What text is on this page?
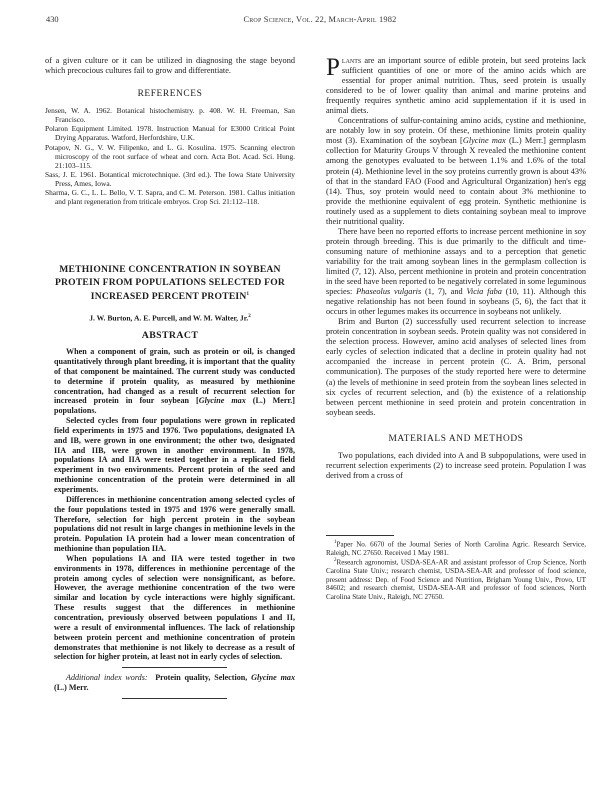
430	Crop Science, Vol. 22, March-April 1982

of a given culture or it can be utilized in diagnosing the stage beyond which precocious cultures fail to grow and differentiate.

REFERENCES

Jensen, W. A. 1962. Botanical histochemistry. p. 408. W. H. Freeman, San Francisco.

Polaron Equipment Limited. 1978. Instruction Manual for E3000 Critical Point Drying Apparatus. Watford, Herfordshire, U.K.

Potapov, N. G., V. W. Filipenko, and L. G. Kosulina. 1975. Scanning electron microscopy of the root surface of wheat and corn. Acta Bot. Acad. Sci. Hung. 21:103–115.

Sass, J. E. 1961. Botantical microtechnique. (3rd ed.). The Iowa State University Press, Ames, Iowa.

Sharma, G. C., L. L. Bello, V. T. Sapra, and C. M. Peterson. 1981. Callus initiation and plant regeneration from triticale embryos. Crop Sci. 21:112–118.

METHIONINE CONCENTRATION IN SOYBEAN PROTEIN FROM POPULATIONS SELECTED FOR INCREASED PERCENT PROTEIN$^1$
J. W. Burton, A. E. Purcell, and W. M. Walter, Jr.$^2$
ABSTRACT

When a component of grain, such as protein or oil, is changed quantitatively through plant breeding, it is important that the quality of that component be maintained. The current study was conducted to determine if protein quality, as measured by methionine concentration, had changed as a result of recurrent selection for increased protein in four soybean [Glycine max (L.) Merr.] populations.

Selected cycles from four populations were grown in replicated field experiments in 1975 and 1976. Two populations, designated IA and IB, were grown in one environment; the other two, designated IIA and IIB, were grown in another environment. In 1978, populations IA and IIA were tested together in a replicated field experiment in two environments. Percent protein of the seed and methionine concentration of the protein were determined in all experiments.

Differences in methionine concentration among selected cycles of the four populations tested in 1975 and 1976 were generally small. Therefore, selection for high percent protein in the soybean populations did not result in large changes in methionine levels in the protein. Population IA protein had a lower mean concentration of methionine than population IIA.

When populations IA and IIA were tested together in two environments in 1978, differences in methionine percentage of the protein among cycles of selection were nonsignificant, as before. However, the average methionine concentration of the two were similar and location by cycle interactions were highly significant. These results suggest that the differences in methionine concentration, previously observed between populations I and II, were a result of environmental influences. The lack of relationship between protein percent and methionine concentration of protein demonstrates that methionine is not likely to decrease as a result of selection for higher protein, at least not in early cycles of selection.

Additional index words: Protein quality, Selection, Glycine max (L.) Merr.

Plants are an important source of edible protein, but seed proteins lack sufficient quantities of one or more of the amino acids which are essential for proper animal nutrition. Thus, seed protein is usually considered to be of lower quality than animal and marine proteins and frequently requires synthetic amino acid supplementation if it is used in animal diets.

Concentrations of sulfur-containing amino acids, cystine and methionine, are notably low in soy protein. Of these, methionine limits protein quality most (3). Examination of the soybean [Glycine max (L.) Merr.] germplasm collection for Maturity Groups V through X revealed the methionine content among the genotypes evaluated to be between 1.1% and 1.6% of the total protein (4). Methionine level in the soy proteins currently grown is about 43% of that in the standard FAO (Food and Agricultural Organization) hen's egg (14). Thus, soy protein would need to contain about 3% methionine to provide the methionine equivalent of egg protein. Synthetic methionine is routinely used as a supplement to diets containing soybean meal to improve their nutritional quality.

There have been no reported efforts to increase percent methionine in soy protein through breeding. This is due primarily to the difficult and time-consuming nature of methionine assays and to a perception that genetic variability for the trait among soybean lines in the germplasm collection is limited (7, 12). Also, percent methionine in protein and protein concentration in the seed have been reported to be negatively correlated in some leguminous species: Phaseolus vulgaris (1, 7), and Vicia faba (10, 11). Although this negative relationship has not been found in soybeans (5, 6), the fact that it occurs in other legumes makes its occurrence in soybeans not unlikely.

Brim and Burton (2) successfully used recurrent selection to increase protein concentration in soybean seeds. Protein quality was not considered in the selection process. However, amino acid analyses of selected lines from early cycles of selection indicated that a decline in protein quality had not accompanied the increase in percent protein (C. A. Brim, personal communication). The purposes of the study reported here were to determine (a) the levels of methionine in seed protein from the soybean lines selected in six cycles of recurrent selection, and (b) the existence of a relationship between percent methionine in seed protein and protein concentration in soybean seeds.

MATERIALS AND METHODS

Two populations, each divided into A and B subpopulations, were used in recurrent selection experiments (2) to increase seed protein. Population I was derived from a cross of

$^1$Paper No. 6670 of the Journal Series of North Carolina Agric. Research Service, Raleigh, NC 27650. Received 1 May 1981.

$^2$Research agronomist, USDA-SEA-AR and assistant professor of Crop Science, North Carolina State Univ.; research chemist, USDA-SEA-AR and professor of food science, present address: Dep. of Food Science and Nutrition, Brigham Young Univ., Provo, UT 84602; and research chemist, USDA-SEA-AR and professor of food sciences, North Carolina State Univ., Raleigh, NC 27650.
